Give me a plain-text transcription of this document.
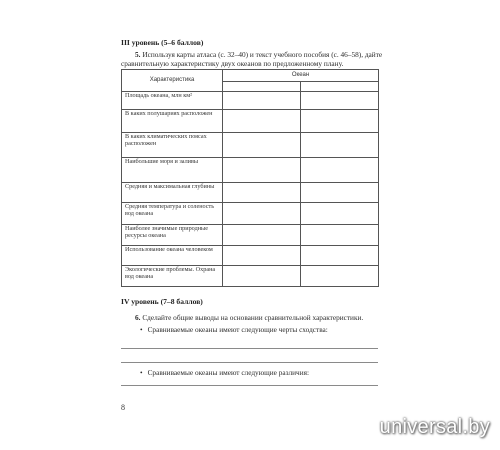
III уровень (5–6 баллов)
5. Используя карты атласа (с. 32–40) и текст учебного пособия (с. 46–58), дайте сравнительную характеристику двух океанов по предложенному плану.
Характеристика	Океан	

Площадь океана, млн км²		
В каких полушариях расположен		
В каких климатических поясах расположен		
Наибольшие моря и заливы		
Средняя и максимальная глубины		
Средняя температура и соленость вод океана		
Наиболее значимые природные ресурсы океана		
Использование океана человеком		
Экологические проблемы. Охрана вод океана		
IV уровень (7–8 баллов)
6. Сделайте общие выводы на основании сравнительной характеристики.
• Сравниваемые океаны имеют следующие черты сходства:
• Сравниваемые океаны имеют следующие различия:
8
universal.by
